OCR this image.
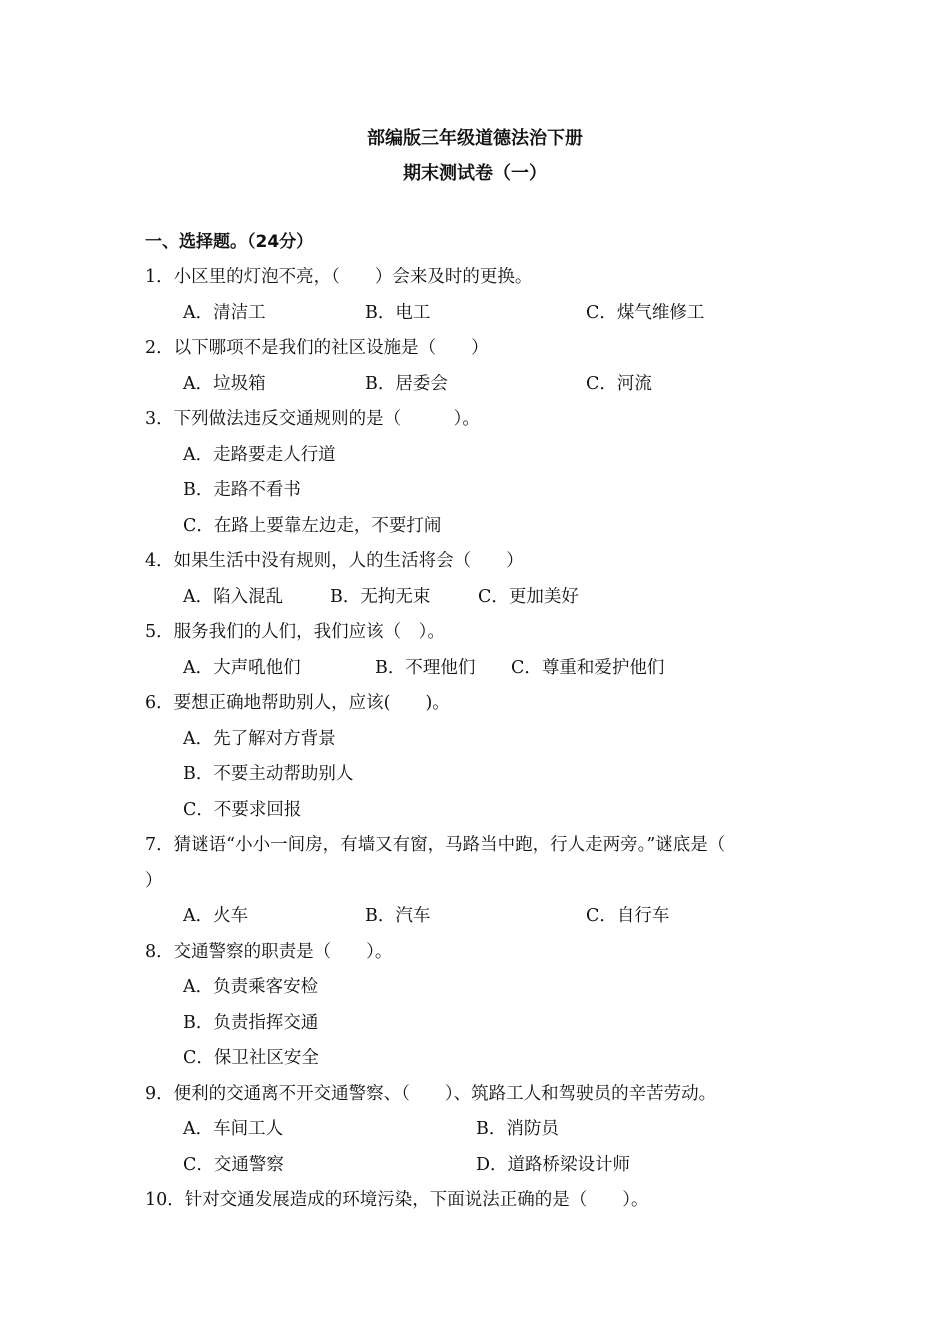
部编版三年级道德法治下册
期末测试卷（一）
一、选择题。（24分）
1．小区里的灯泡不亮，（　　）会来及时的更换。
A．清洁工	B．电工	C．煤气维修工
2．以下哪项不是我们的社区设施是（　　）
A．垃圾箱	B．居委会	C．河流
3．下列做法违反交通规则的是（　　　）。
A．走路要走人行道
B．走路不看书
C．在路上要靠左边走，不要打闹
4．如果生活中没有规则，人的生活将会（　　）
A．陷入混乱	B．无拘无束	C．更加美好
5．服务我们的人们，我们应该（　）。
A．大声吼他们	B．不理他们 C．尊重和爱护他们
6．要想正确地帮助别人，应该(　　)。
A．先了解对方背景
B．不要主动帮助别人
C．不要求回报
7．猜谜语“小小一间房，有墙又有窗，马路当中跑，行人走两旁。”谜底是（
）
A．火车	B．汽车	C．自行车
8．交通警察的职责是（　　）。
A．负责乘客安检
B．负责指挥交通
C．保卫社区安全
9．便利的交通离不开交通警察、（　　）、筑路工人和驾驶员的辛苦劳动。
A．车间工人	B．消防员
C．交通警察	D．道路桥梁设计师
10．针对交通发展造成的环境污染，下面说法正确的是（　　）。
